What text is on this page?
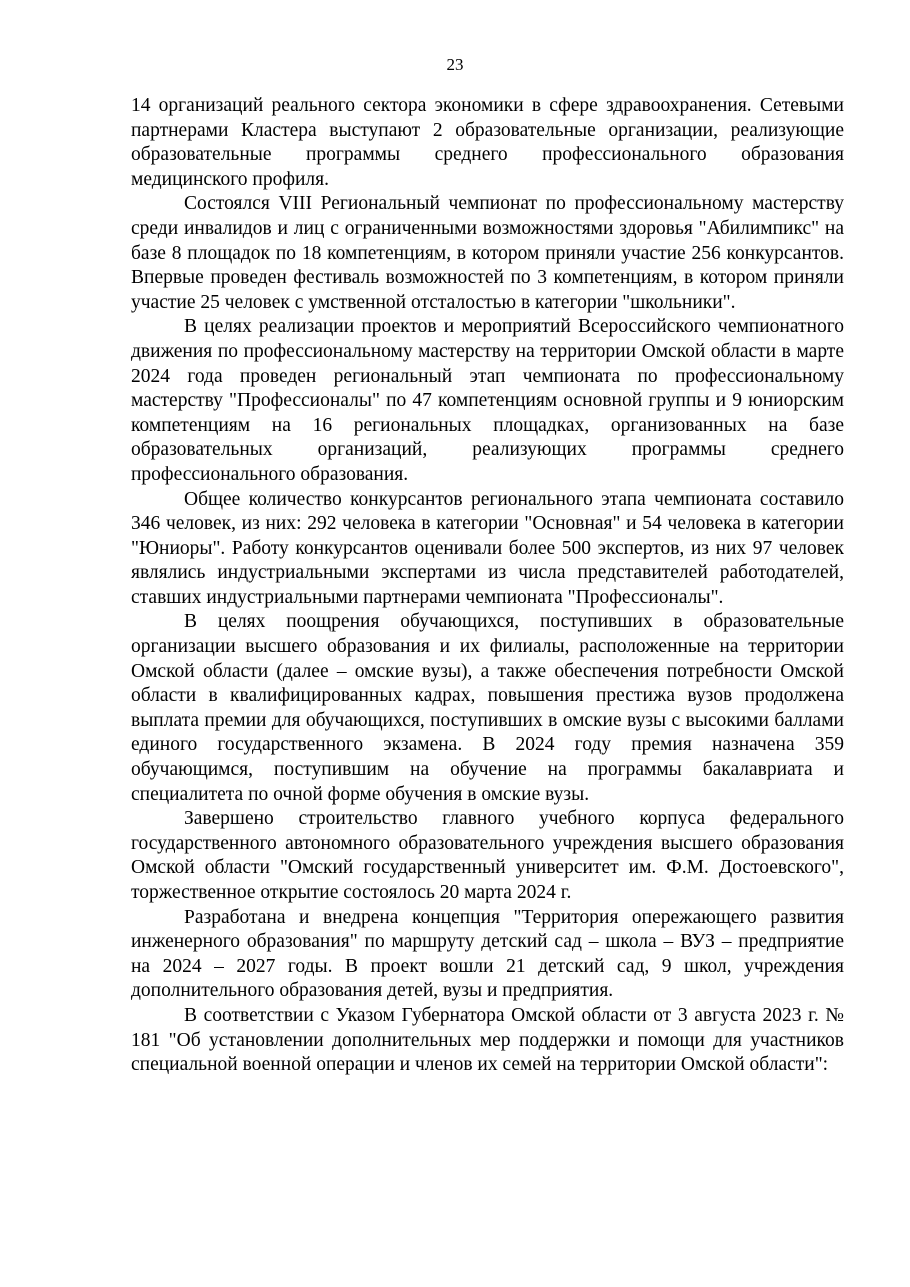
23

14 организаций реального сектора экономики в сфере здравоохранения. Сетевыми партнерами Кластера выступают 2 образовательные организации, реализующие образовательные программы среднего профессионального образования медицинского профиля.

Состоялся VIII Региональный чемпионат по профессиональному мастерству среди инвалидов и лиц с ограниченными возможностями здоровья "Абилимпикс" на базе 8 площадок по 18 компетенциям, в котором приняли участие 256 конкурсантов. Впервые проведен фестиваль возможностей по 3 компетенциям, в котором приняли участие 25 человек с умственной отсталостью в категории "школьники".

В целях реализации проектов и мероприятий Всероссийского чемпионатного движения по профессиональному мастерству на территории Омской области в марте 2024 года проведен региональный этап чемпионата по профессиональному мастерству "Профессионалы" по 47 компетенциям основной группы и 9 юниорским компетенциям на 16 региональных площадках, организованных на базе образовательных организаций, реализующих программы среднего профессионального образования.

Общее количество конкурсантов регионального этапа чемпионата составило 346 человек, из них: 292 человека в категории "Основная" и 54 человека в категории "Юниоры". Работу конкурсантов оценивали более 500 экспертов, из них 97 человек являлись индустриальными экспертами из числа представителей работодателей, ставших индустриальными партнерами чемпионата "Профессионалы".

В целях поощрения обучающихся, поступивших в образовательные организации высшего образования и их филиалы, расположенные на территории Омской области (далее – омские вузы), а также обеспечения потребности Омской области в квалифицированных кадрах, повышения престижа вузов продолжена выплата премии для обучающихся, поступивших в омские вузы с высокими баллами единого государственного экзамена. В 2024 году премия назначена 359 обучающимся, поступившим на обучение на программы бакалавриата и специалитета по очной форме обучения в омские вузы.

Завершено строительство главного учебного корпуса федерального государственного автономного образовательного учреждения высшего образования Омской области "Омский государственный университет им. Ф.М. Достоевского", торжественное открытие состоялось 20 марта 2024 г.

Разработана и внедрена концепция "Территория опережающего развития инженерного образования" по маршруту детский сад – школа – ВУЗ – предприятие на 2024 – 2027 годы. В проект вошли 21 детский сад, 9 школ, учреждения дополнительного образования детей, вузы и предприятия.

В соответствии с Указом Губернатора Омской области от 3 августа 2023 г. № 181 "Об установлении дополнительных мер поддержки и помощи для участников специальной военной операции и членов их семей на территории Омской области":
